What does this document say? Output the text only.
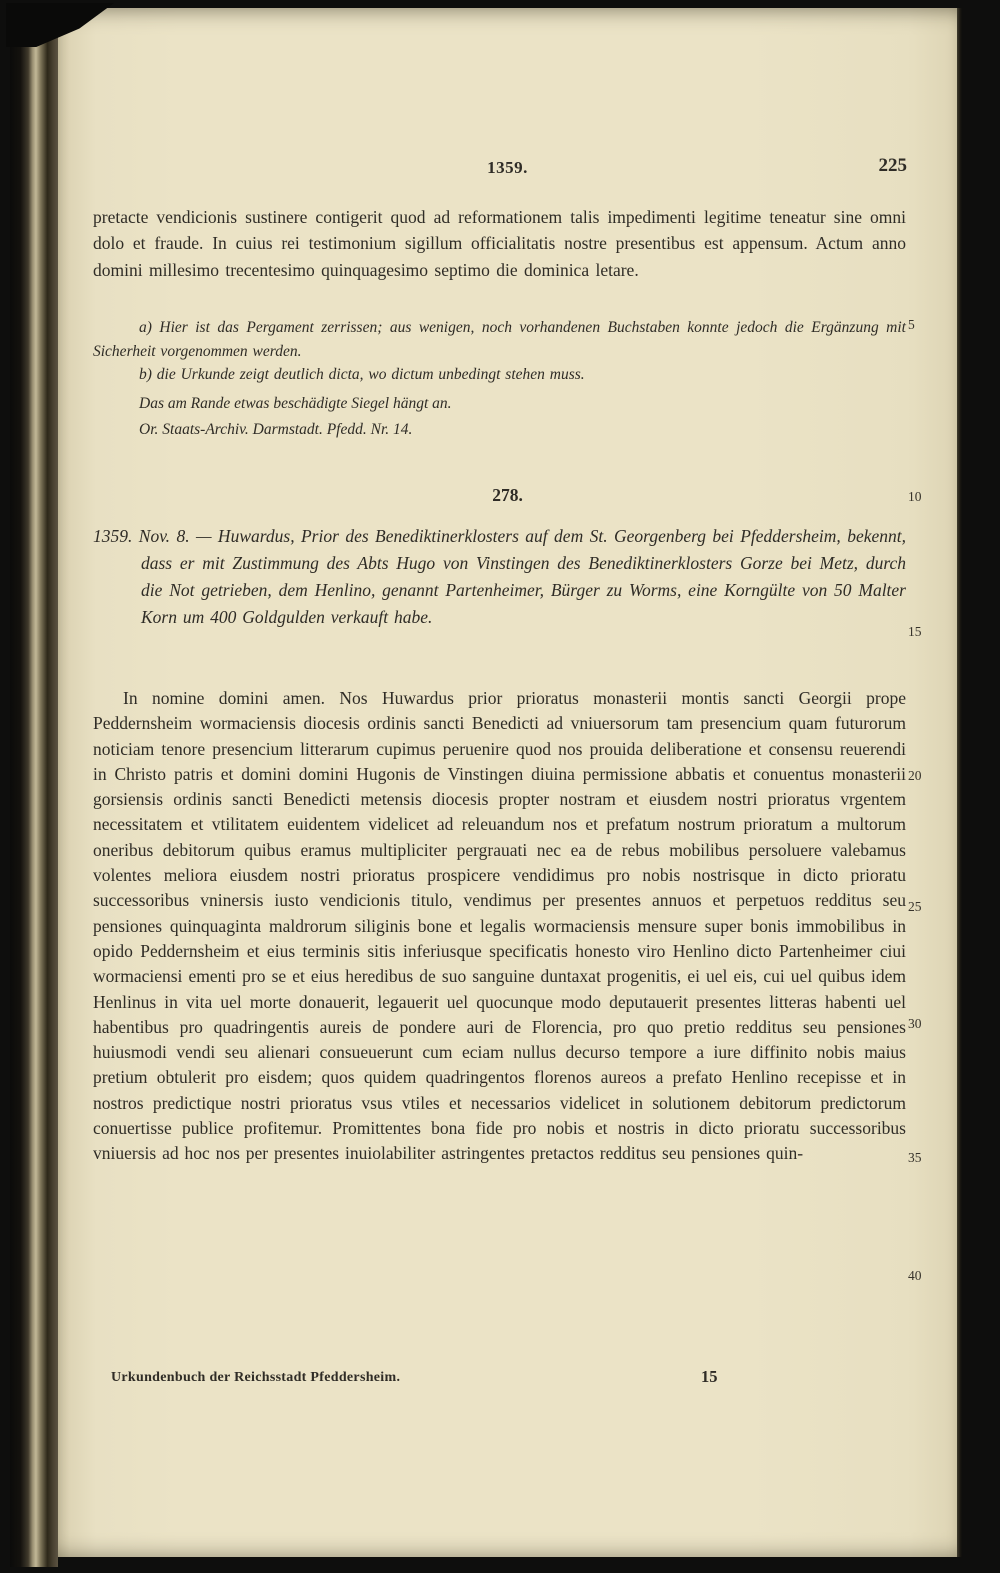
1359.	225
pretacte vendicionis sustinere contigerit quod ad reformationem talis impedimenti legitime teneatur sine omni dolo et fraude. In cuius rei testimonium sigillum officialitatis nostre presentibus est appensum. Actum anno domini millesimo trecentesimo quinquagesimo septimo die dominica letare.

a) Hier ist das Pergament zerrissen; aus wenigen, noch vorhandenen Buchstaben konnte jedoch die Ergänzung mit Sicherheit vorgenommen werden.

b) die Urkunde zeigt deutlich dicta, wo dictum unbedingt stehen muss.

Das am Rande etwas beschädigte Siegel hängt an.

Or. Staats-Archiv. Darmstadt. Pfedd. Nr. 14.

278.
1359. Nov. 8. — Huwardus, Prior des Benediktinerklosters auf dem St. Georgenberg bei Pfeddersheim, bekennt, dass er mit Zustimmung des Abts Hugo von Vinstingen des Benediktinerklosters Gorze bei Metz, durch die Not getrieben, dem Henlino, genannt Partenheimer, Bürger zu Worms, eine Korngülte von 50 Malter Korn um 400 Goldgulden verkauft habe.
In nomine domini amen. Nos Huwardus prior prioratus monasterii montis sancti Georgii prope Peddernsheim wormaciensis diocesis ordinis sancti Benedicti ad vniuersorum tam presencium quam futurorum noticiam tenore presencium litterarum cupimus peruenire quod nos prouida deliberatione et consensu reuerendi in Christo patris et domini domini Hugonis de Vinstingen diuina permissione abbatis et conuentus monasterii gorsiensis ordinis sancti Benedicti metensis diocesis propter nostram et eiusdem nostri prioratus vrgentem necessitatem et vtilitatem euidentem videlicet ad releuandum nos et prefatum nostrum prioratum a multorum oneribus debitorum quibus eramus multipliciter pergrauati nec ea de rebus mobilibus persoluere valebamus volentes meliora eiusdem nostri prioratus prospicere vendidimus pro nobis nostrisque in dicto prioratu successoribus vninersis iusto vendicionis titulo, vendimus per presentes annuos et perpetuos redditus seu pensiones quinquaginta maldrorum siliginis bone et legalis wormaciensis mensure super bonis immobilibus in opido Peddernsheim et eius terminis sitis inferiusque specificatis honesto viro Henlino dicto Partenheimer ciui wormaciensi ementi pro se et eius heredibus de suo sanguine duntaxat progenitis, ei uel eis, cui uel quibus idem Henlinus in vita uel morte donauerit, legauerit uel quocunque modo deputauerit presentes litteras habenti uel habentibus pro quadringentis aureis de pondere auri de Florencia, pro quo pretio redditus seu pensiones huiusmodi vendi seu alienari consueuerunt cum eciam nullus decurso tempore a iure diffinito nobis maius pretium obtulerit pro eisdem; quos quidem quadringentos florenos aureos a prefato Henlino recepisse et in nostros predictique nostri prioratus vsus vtiles et necessarios videlicet in solutionem debitorum predictorum conuertisse publice profitemur. Promittentes bona fide pro nobis et nostris in dicto prioratu successoribus vniuersis ad hoc nos per presentes inuiolabiliter astringentes pretactos redditus seu pensiones quin-
5
10
15
20
25
30
35
40
Urkundenbuch der Reichsstadt Pfeddersheim.	15
